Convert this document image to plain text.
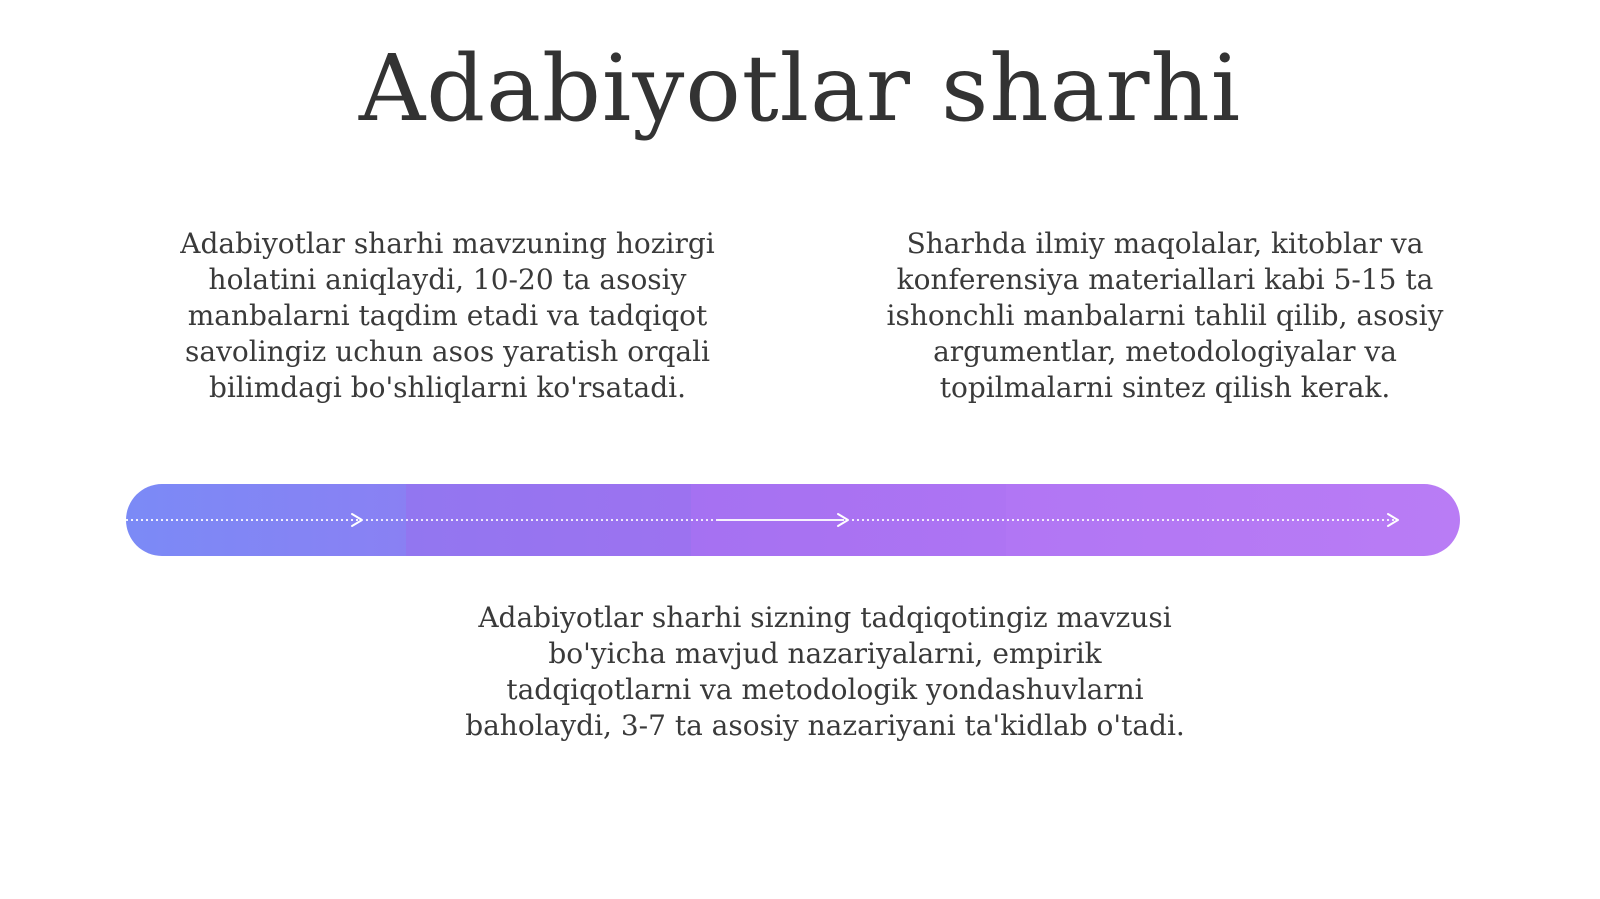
Adabiyotlar sharhi

Adabiyotlar sharhi mavzuning hozirgi holatini aniqlaydi, 10-20 ta asosiy manbalarni taqdim etadi va tadqiqot savolingiz uchun asos yaratish orqali bilimdagi bo'shliqlarni ko'rsatadi.

Sharhda ilmiy maqolalar, kitoblar va konferensiya materiallari kabi 5-15 ta ishonchli manbalarni tahlil qilib, asosiy argumentlar, metodologiyalar va topilmalarni sintez qilish kerak.

Adabiyotlar sharhi sizning tadqiqotingiz mavzusi bo'yicha mavjud nazariyalarni, empirik tadqiqotlarni va metodologik yondashuvlarni baholaydi, 3-7 ta asosiy nazariyani ta'kidlab o'tadi.
